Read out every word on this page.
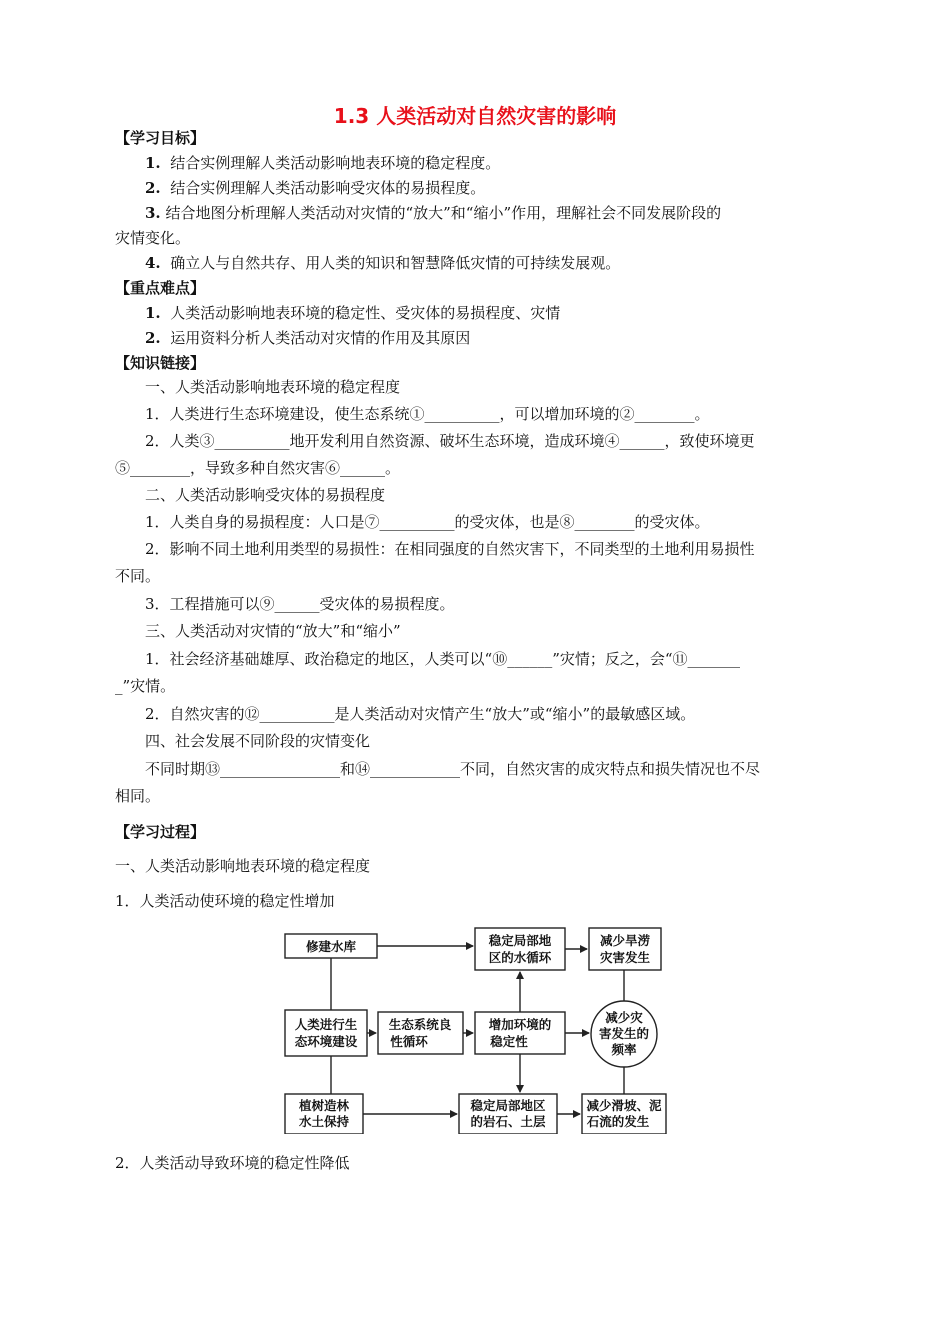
1.3 人类活动对自然灾害的影响
【学习目标】
1. 结合实例理解人类活动影响地表环境的稳定程度。
2. 结合实例理解人类活动影响受灾体的易损程度。
3. 结合地图分析理解人类活动对灾情的“放大”和“缩小”作用，理解社会不同发展阶段的
灾情变化。
4. 确立人与自然共存、用人类的知识和智慧降低灾情的可持续发展观。
【重点难点】
1. 人类活动影响地表环境的稳定性、受灾体的易损程度、灾情
2. 运用资料分析人类活动对灾情的作用及其原因
【知识链接】
一、人类活动影响地表环境的稳定程度
1．人类进行生态环境建设，使生态系统①__________，可以增加环境的②________。
2．人类③__________地开发利用自然资源、破坏生态环境，造成环境④______，致使环境更
⑤________，导致多种自然灾害⑥______。
二、人类活动影响受灾体的易损程度
1．人类自身的易损程度：人口是⑦__________的受灾体，也是⑧________的受灾体。
2．影响不同土地利用类型的易损性：在相同强度的自然灾害下，不同类型的土地利用易损性
不同。
3．工程措施可以⑨______受灾体的易损程度。
三、人类活动对灾情的“放大”和“缩小”
1．社会经济基础雄厚、政治稳定的地区，人类可以“⑩______”灾情；反之，会“⑪_______
_”灾情。
2．自然灾害的⑫__________是人类活动对灾情产生“放大”或“缩小”的最敏感区域。
四、社会发展不同阶段的灾情变化
不同时期⑬________________和⑭____________不同，自然灾害的成灾特点和损失情况也不尽
相同。
【学习过程】
一、人类活动影响地表环境的稳定程度
1．人类活动使环境的稳定性增加
修建水库	稳定局部地
区的水循环
减少旱涝
灾害发生
人类进行生
态环境建设
生态系统良
性循环
增加环境的
稳定性
减少灾
害发生的
频率
植树造林
水土保持
稳定局部地区
的岩石、土层
减少滑坡、泥
石流的发生
2．人类活动导致环境的稳定性降低
